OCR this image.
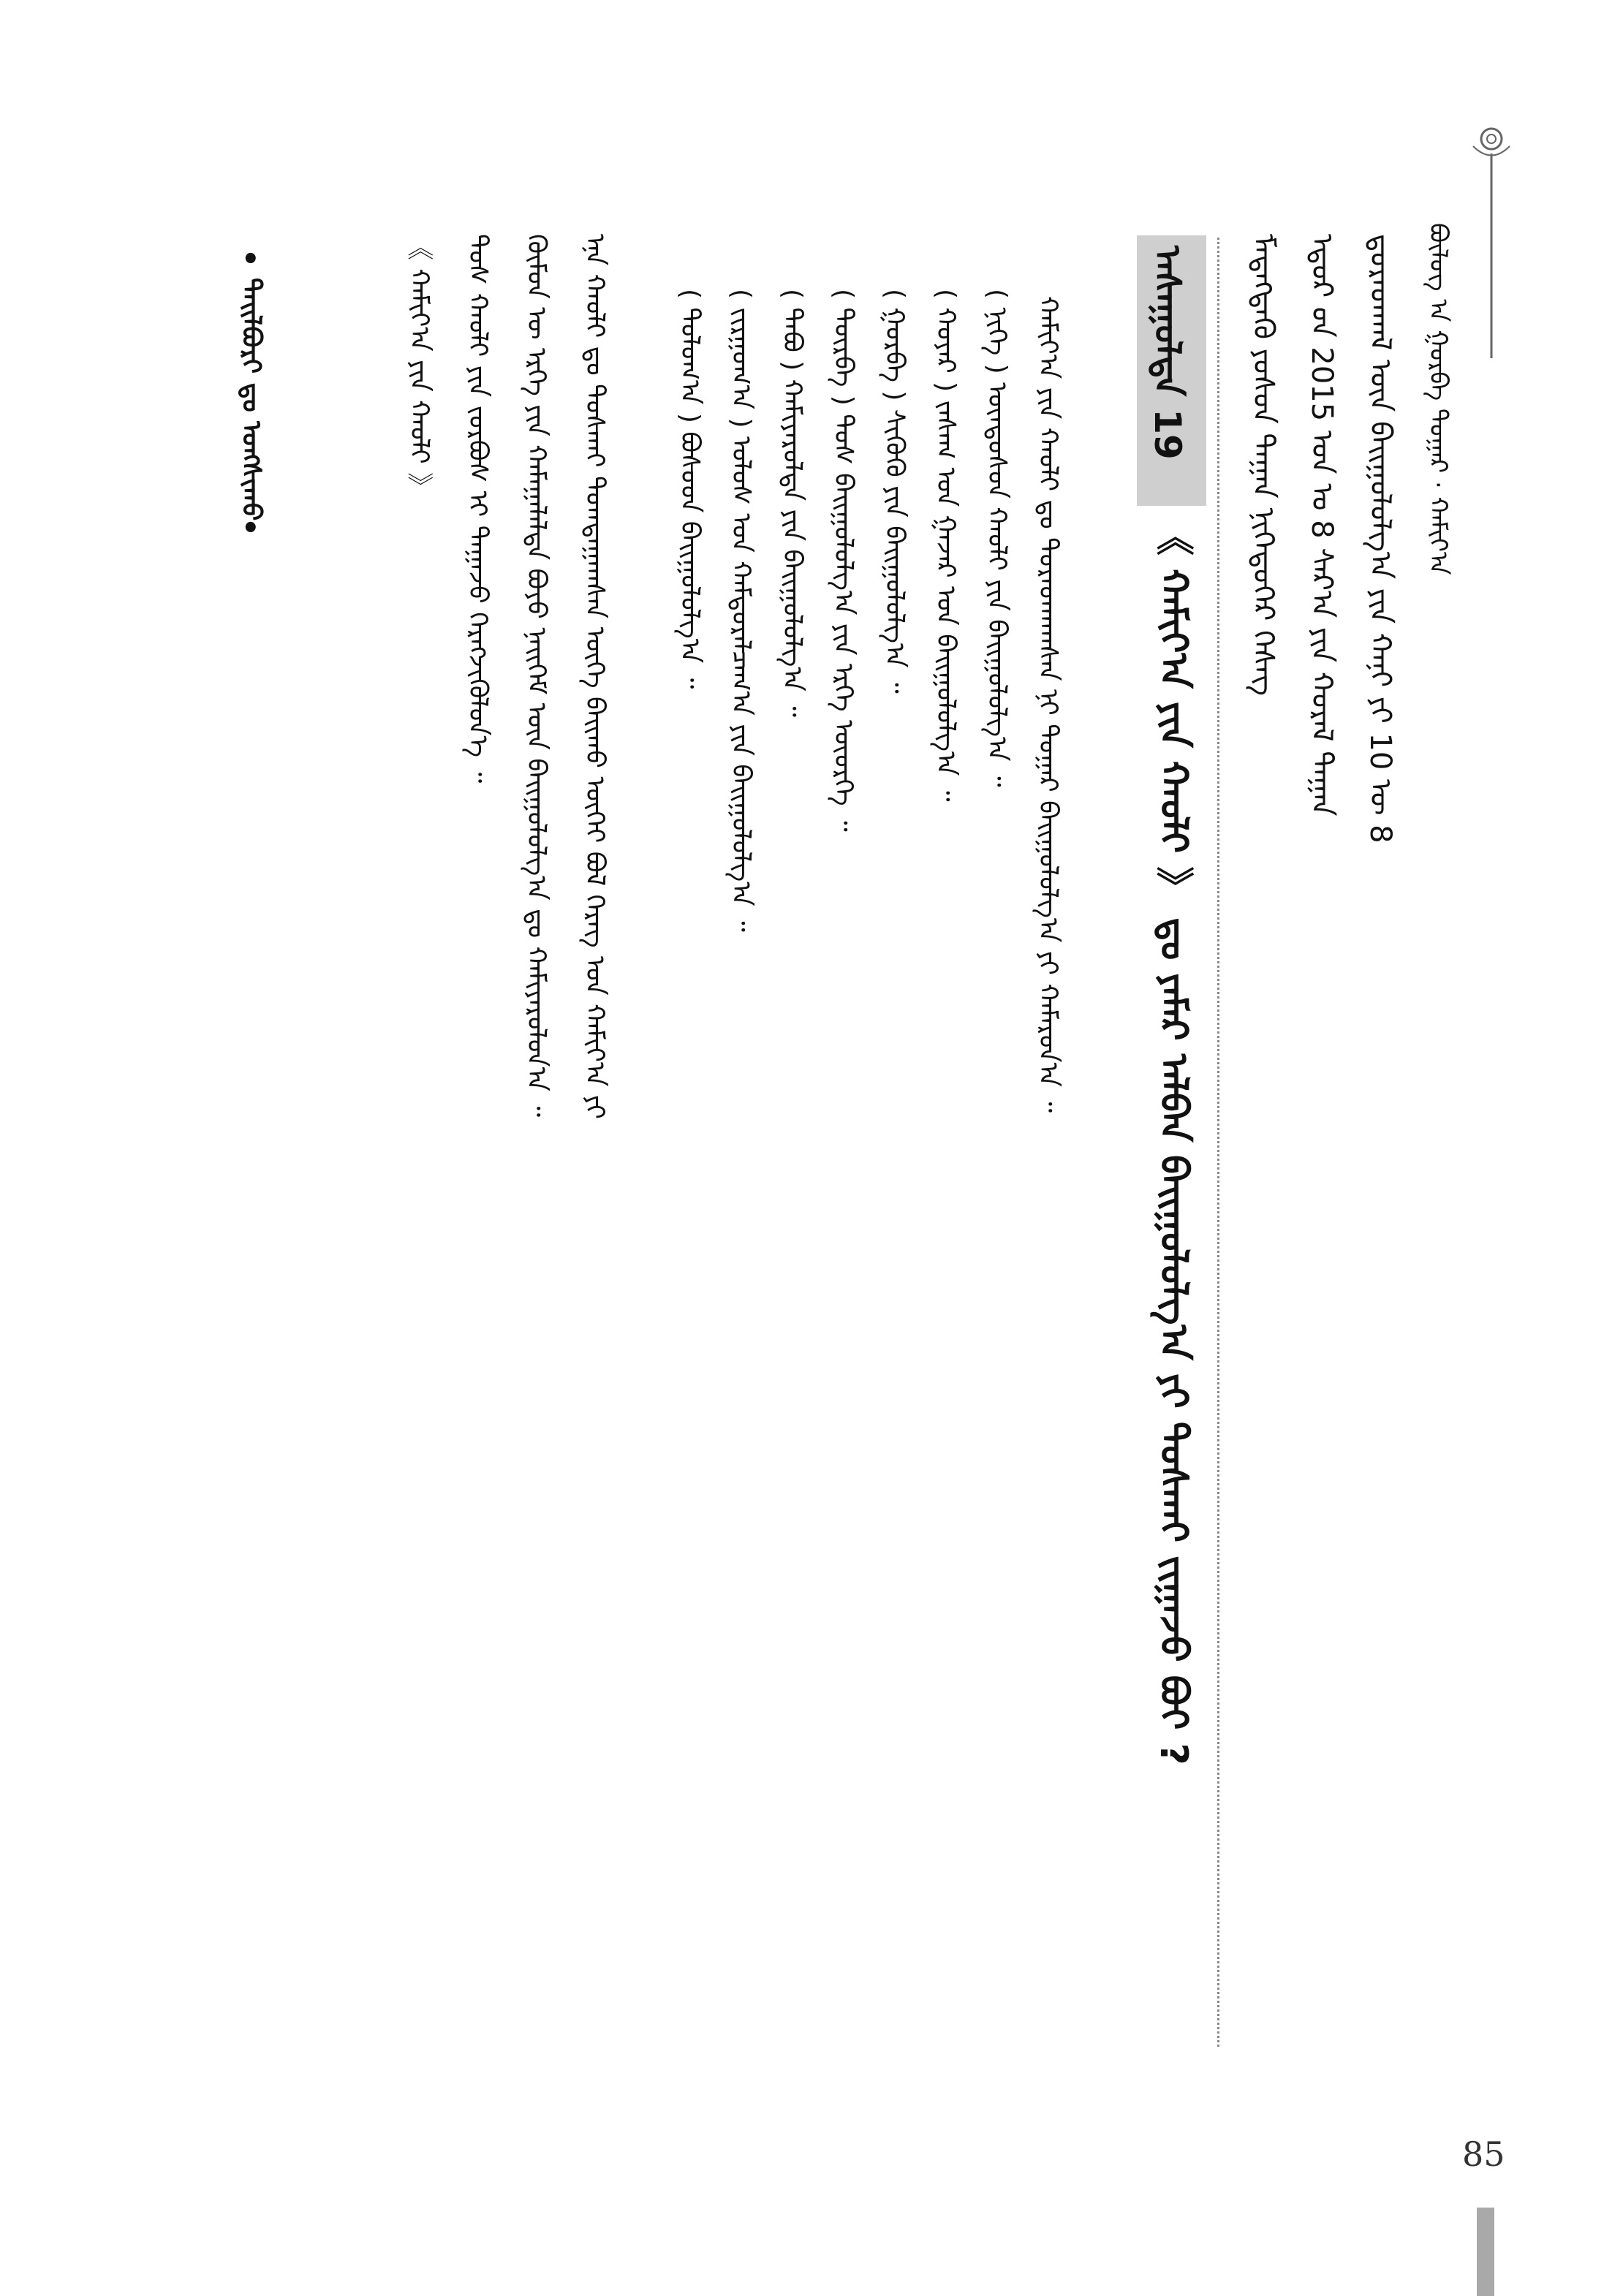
ᠪᠦᠯᠦᠭ ᠠ᠋ᠨ ᠭᠤᠷᠪᠠ ᠳᠤᠭᠠᠷ · ᠬᠠᠮᠢᠶ᠎ᠠ
ᠳ᠋ᠤᠷᠠᠳᠬᠠᠯ ᠦᠨ ᠪᠠᠢᠭᠤᠯᠤᠯᠭ᠎ᠠ ᠶᠢᠨ ᠬᠠᠨᠢ ᠶᠢ 10 ᠦ 8
ᠡᠳᠦᠷ ᠤ᠋ᠨ 2015 ᠤᠨ ᠤ 8 ᠰᠠᠷ᠎ᠠ ᠶᠢᠨ ᠬᠤᠷᠠᠯ ᠳᠠᠭᠠᠨ
ᠮᠡᠳᠡᠭᠳᠡᠬᠦ ᠶᠤᠰᠤᠨ ᠳᠠᠭᠠᠨ ᠨᠢᠭᠡᠳᠦᠭᠡᠷ ᠬᠡᠰᠡᠭ
ᠠᠰᠠᠭᠤᠯᠲᠠ 19
《 ᠬᠠᠮᠢᠶ᠎ᠠ ᠶᠢᠨ ᠬᠠᠤᠯᠢ 》 ᠳᠤ ᠶᠠᠮᠠᠷ ᠠᠯᠪᠠᠨ ᠪᠠᠢᠭᠤᠯᠤᠯᠭ᠎ᠠ ᠶᠢ ᠲᠤᠰᠬᠠᠢ ᠵᠢᠭᠠᠵᠤ ᠪᠤᠢ ?
ᠬᠠᠮᠢᠶ᠎ᠠ ᠶᠢᠨ ᠬᠠᠤᠯᠢ ᠳᠤ ᠳᠤᠷᠠᠳᠬᠠᠭᠰᠠᠨ ᠨᠢ ᠳᠤᠭᠠᠷ ᠪᠠᠢᠭᠤᠯᠤᠯᠭ᠎ᠠ ᠶᠢ ᠬᠠᠮᠠᠷᠤᠨ᠎ᠠ ᠃
( ᠨᠢᠭᠡ ) ᠦᠨᠳᠦᠰᠦᠨ ᠬᠠᠤᠯᠢ ᠶᠢᠨ ᠪᠠᠢᠭᠤᠯᠤᠯᠭ᠎ᠠ ᠃
( ᠬᠣᠶᠠᠷ ) ᠵᠠᠰᠠᠭ ᠤᠨ ᠭᠠᠵᠠᠷ ᠤᠨ ᠪᠠᠢᠭᠤᠯᠤᠯᠭ᠎ᠠ ᠃
( ᠭᠤᠷᠪᠠ ) ᠰᠢᠭᠦᠬᠦ ᠶᠢᠨ ᠪᠠᠢᠭᠤᠯᠤᠯᠭ᠎ᠠ ᠃
( ᠳᠦᠷᠪᠡ ) ᠲᠤᠰ ᠪᠠᠢᠭᠤᠯᠤᠯᠭ᠎ᠠ ᠶᠢᠨ ᠡᠷᠬᠡ ᠦᠦᠷᠭᠡ ᠃
( ᠲᠠᠪᠤ ) ᠬᠠᠮᠢᠶᠠᠷᠤᠯᠲᠠ ᠶᠢᠨ ᠪᠠᠢᠭᠤᠯᠤᠯᠭ᠎ᠠ ᠃
( ᠵᠢᠷᠭᠤᠭ᠎ᠠ ) ᠤᠯᠤᠰ ᠤᠨ ᠬᠠᠮᠲᠤᠷᠠᠯᠴᠠᠭ᠎ᠠ ᠶᠢᠨ ᠪᠠᠢᠭᠤᠯᠤᠯᠭ᠎ᠠ ᠃
( ᠳᠣᠯᠣᠭ᠎ᠠ ) ᠪᠤᠰᠤᠳ ᠪᠠᠢᠭᠤᠯᠤᠯᠭ᠎ᠠ ᠃
ᠡᠨᠡ ᠬᠠᠤᠯᠢ ᠳᠤ ᠲᠤᠰᠬᠠᠢ ᠲᠣᠭᠲᠠᠭᠠᠭᠰᠠᠨ ᠦᠭᠡ ᠪᠠᠢᠬᠤ ᠦᠭᠡᠢ ᠪᠣᠯ ᠭᠡᠷᠡᠭ ᠤᠨ ᠬᠠᠮᠢᠶ᠎ᠠ ᠶᠢ
ᠬᠦᠮᠦᠨ ᠦ ᠡᠷᠬᠡ ᠶᠢᠨ ᠬᠠᠮᠠᠭᠠᠯᠠᠯᠲᠠ ᠪᠤᠶᠤ ᠨᠡᠢᠭᠡᠮ ᠦᠨ ᠪᠠᠢᠭᠤᠯᠤᠯᠭ᠎ᠠ ᠳᠤ ᠬᠠᠮᠢᠶᠠᠷᠤᠯᠤᠨ᠎ᠠ ᠃
ᠲᠤᠰ ᠬᠠᠤᠯᠢ ᠶᠢᠨ ᠵᠤᠷᠪᠤᠰ ᠢ ᠳᠠᠭᠠᠵᠤ ᠬᠡᠷᠡᠭᠵᠢᠭᠦᠯᠦᠨ᠎ᠡ ᠃
《 ᠬᠠᠮᠢᠶ᠎ᠠ ᠶᠢᠨ ᠬᠠᠤᠯᠢ 》
•
ᠲᠠᠢᠯᠪᠤᠷᠢ ᠳᠤ ᠤᠩᠰᠢᠬᠤ
•
85
